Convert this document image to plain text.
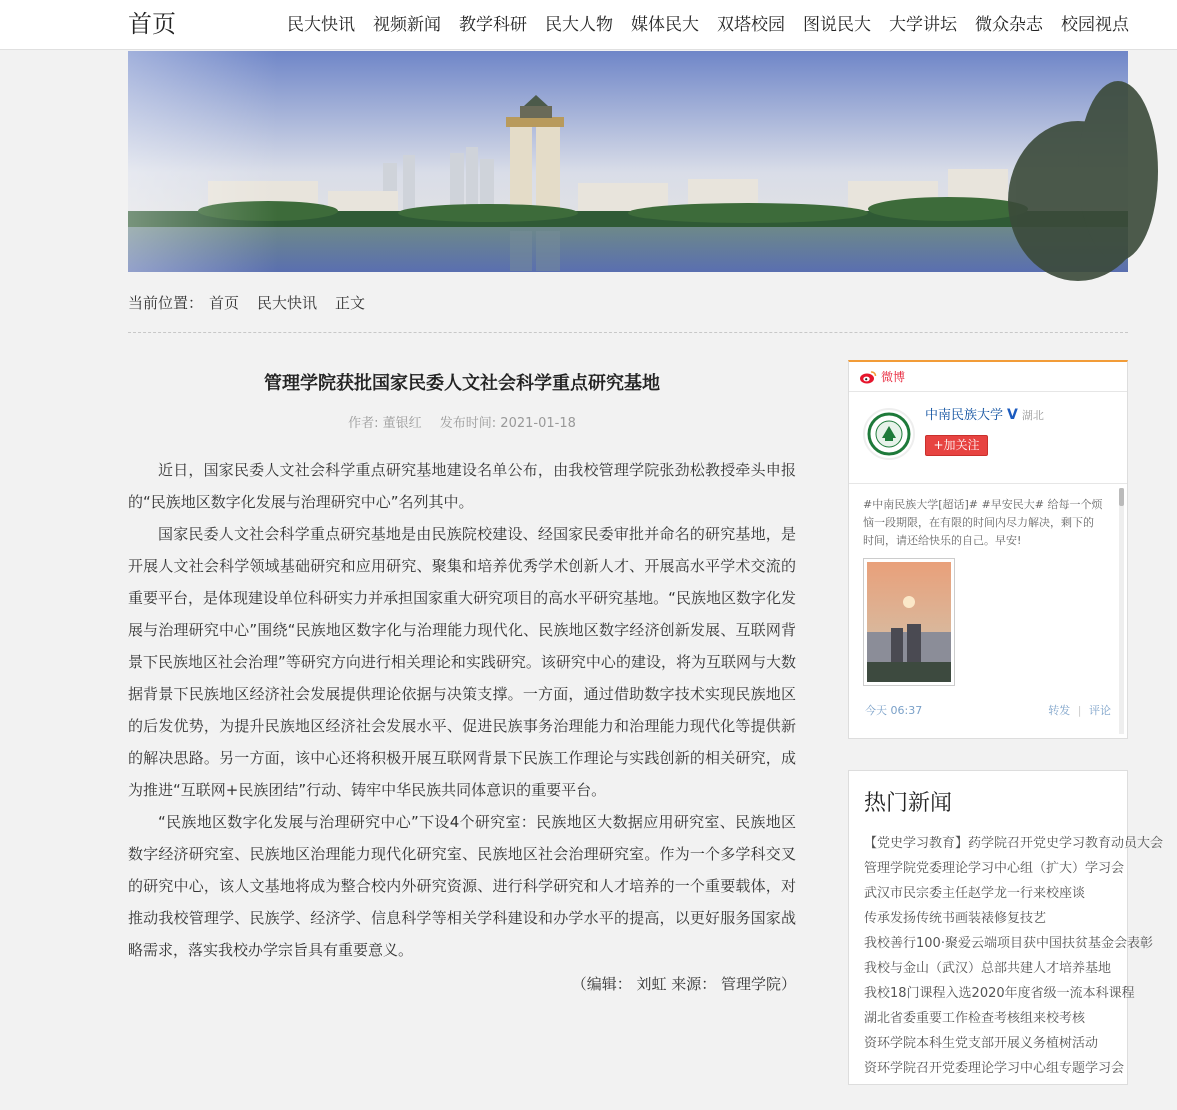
首页	民大快讯 视频新闻 教学科研 民大人物 媒体民大 双塔校园 图说民大 大学讲坛 微众杂志 校园视点
当前位置： 首页 民大快讯 正文
管理学院获批国家民委人文社会科学重点研究基地
作者: 董银红 发布时间: 2021-01-18

近日，国家民委人文社会科学重点研究基地建设名单公布，由我校管理学院张劲松教授牵头申报的“民族地区数字化发展与治理研究中心”名列其中。

国家民委人文社会科学重点研究基地是由民族院校建设、经国家民委审批并命名的研究基地，是开展人文社会科学领域基础研究和应用研究、聚集和培养优秀学术创新人才、开展高水平学术交流的重要平台，是体现建设单位科研实力并承担国家重大研究项目的高水平研究基地。“民族地区数字化发展与治理研究中心”围绕“民族地区数字化与治理能力现代化、民族地区数字经济创新发展、互联网背景下民族地区社会治理”等研究方向进行相关理论和实践研究。该研究中心的建设，将为互联网与大数据背景下民族地区经济社会发展提供理论依据与决策支撑。一方面，通过借助数字技术实现民族地区的后发优势，为提升民族地区经济社会发展水平、促进民族事务治理能力和治理能力现代化等提供新的解决思路。另一方面，该中心还将积极开展互联网背景下民族工作理论与实践创新的相关研究，成为推进“互联网+民族团结”行动、铸牢中华民族共同体意识的重要平台。

“民族地区数字化发展与治理研究中心”下设4个研究室：民族地区大数据应用研究室、民族地区数字经济研究室、民族地区治理能力现代化研究室、民族地区社会治理研究室。作为一个多学科交叉的研究中心，该人文基地将成为整合校内外研究资源、进行科学研究和人才培养的一个重要载体，对推动我校管理学、民族学、经济学、信息科学等相关学科建设和办学水平的提高，以更好服务国家战略需求，落实我校办学宗旨具有重要意义。

（编辑： 刘虹 来源： 管理学院）
微博
中南民族大学 V 湖北
+加关注
#中南民族大学[超话]# #早安民大# 给每一个烦恼一段期限，在有限的时间内尽力解决，剩下的时间，请还给快乐的自己。早安!
今天 06:37	转发 | 评论
热门新闻
【党史学习教育】药学院召开党史学习教育动员大会
管理学院党委理论学习中心组（扩大）学习会
武汉市民宗委主任赵学龙一行来校座谈
传承发扬传统书画装裱修复技艺
我校善行100·聚爱云端项目获中国扶贫基金会表彰
我校与金山（武汉）总部共建人才培养基地
我校18门课程入选2020年度省级一流本科课程
湖北省委重要工作检查考核组来校考核
资环学院本科生党支部开展义务植树活动
资环学院召开党委理论学习中心组专题学习会
